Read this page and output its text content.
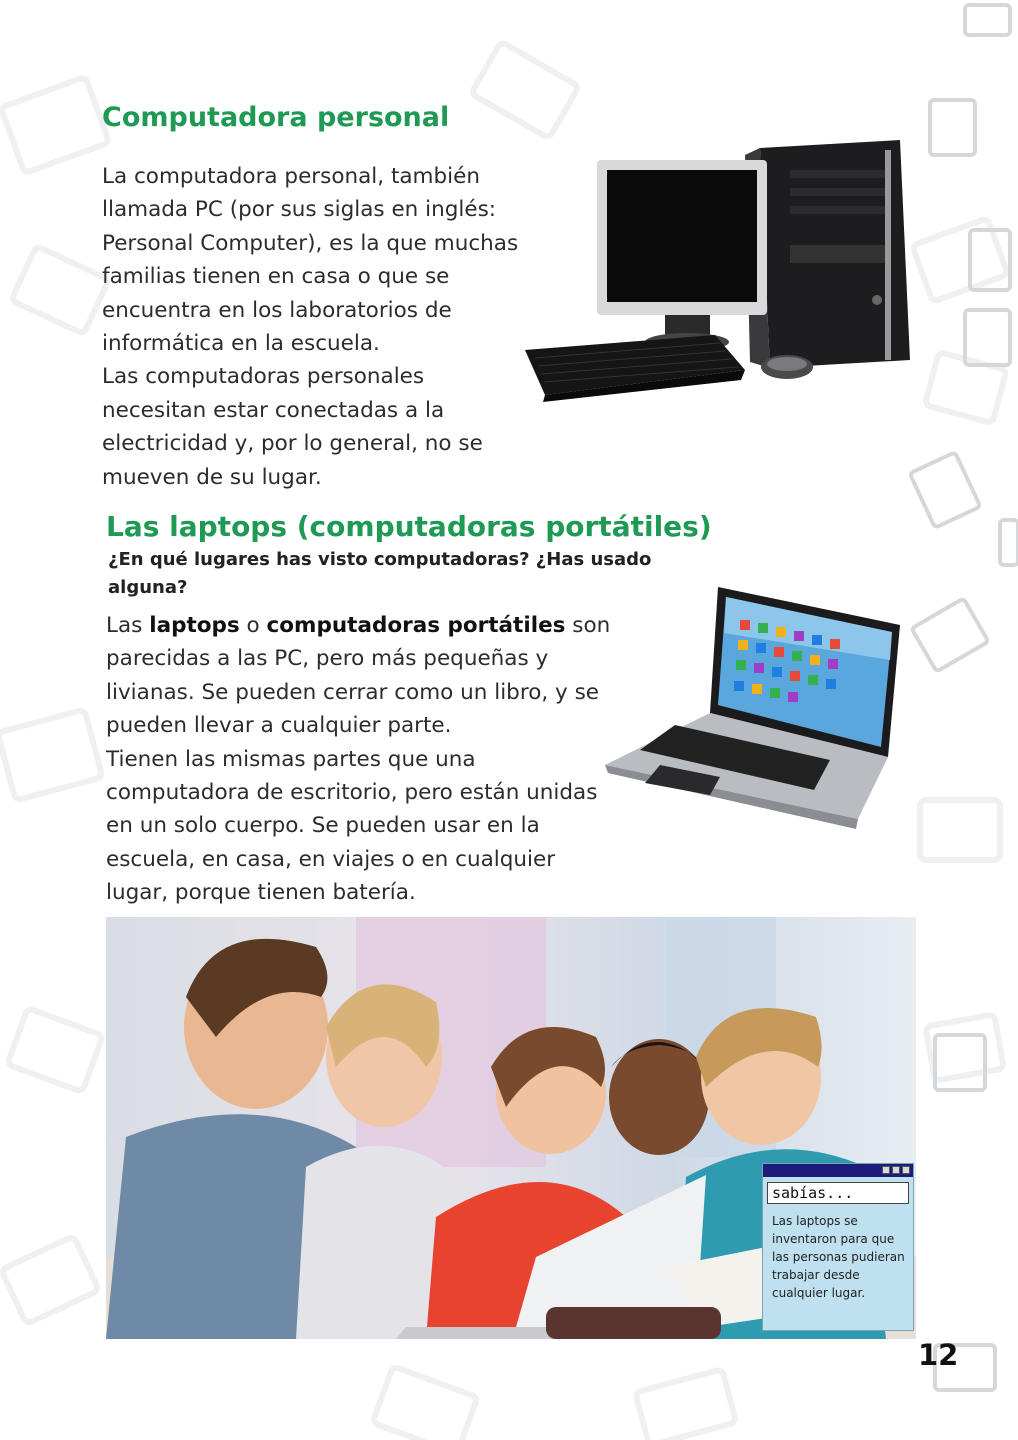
Computadora personal
La computadora personal, también
llamada PC (por sus siglas en inglés:
Personal Computer), es la que muchas
familias tienen en casa o que se
encuentra en los laboratorios de
informática en la escuela.
Las computadoras personales
necesitan estar conectadas a la
electricidad y, por lo general, no se
mueven de su lugar.
Las laptops (computadoras portátiles)

¿En qué lugares has visto computadoras? ¿Has usado alguna?

Las laptops o computadoras portátiles son
parecidas a las PC, pero más pequeñas y
livianas. Se pueden cerrar como un libro, y se
pueden llevar a cualquier parte.
Tienen las mismas partes que una
computadora de escritorio, pero están unidas
en un solo cuerpo. Se pueden usar en la
escuela, en casa, en viajes o en cualquier
lugar, porque tienen batería.
sabías...
Las laptops se inventaron para que las personas pudieran trabajar desde cualquier lugar.
12
